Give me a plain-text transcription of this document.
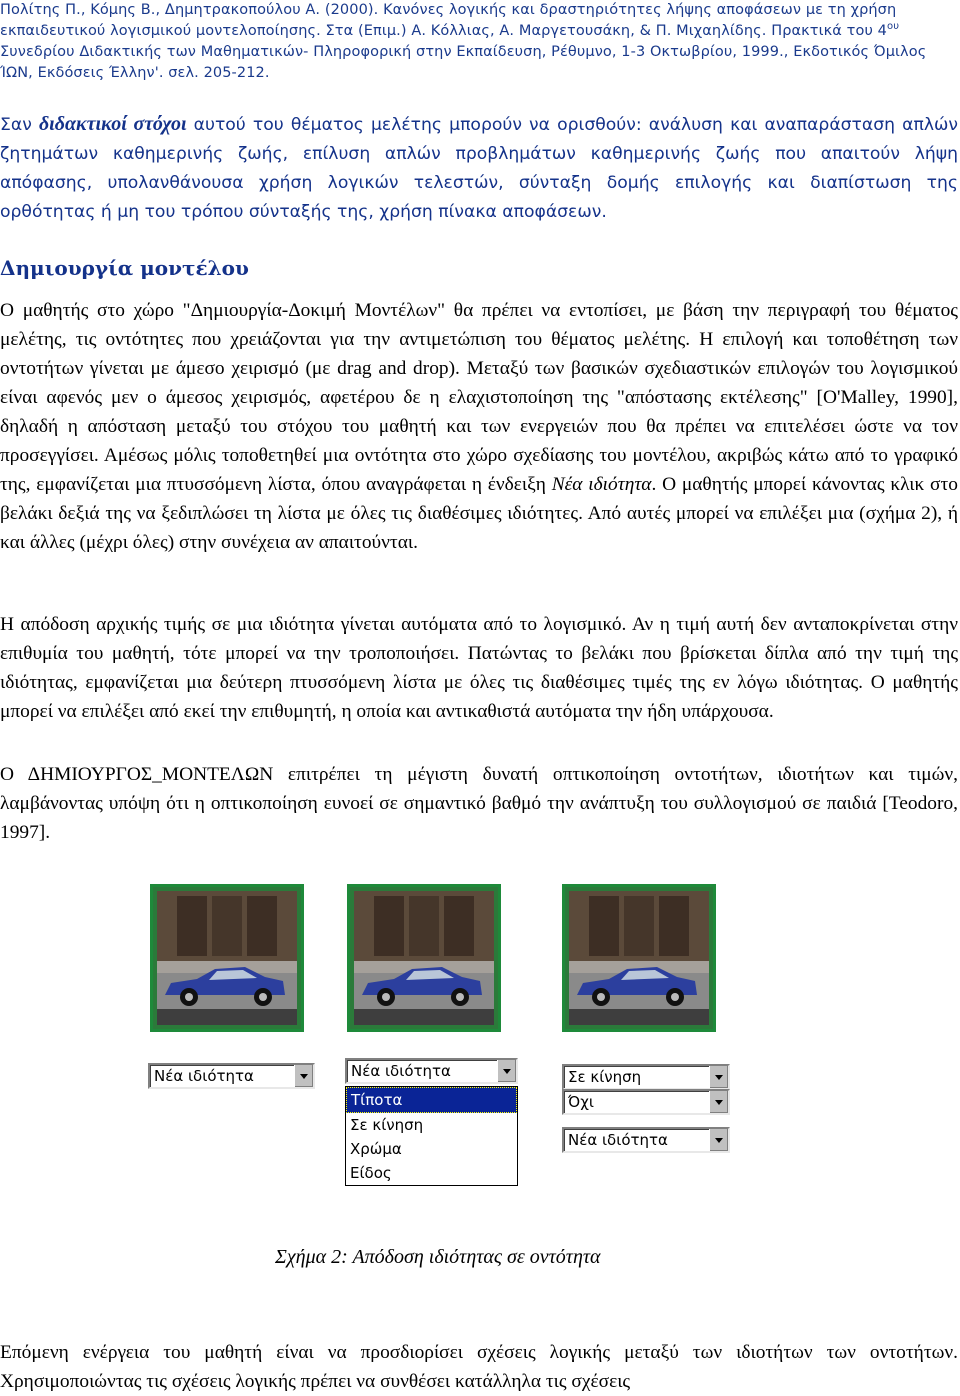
Πολίτης Π., Κόμης Β., Δημητρακοπούλου Α. (2000). Κανόνες λογικής και δραστηριότητες λήψης αποφάσεων με τη χρήση
εκπαιδευτικού λογισμικού μοντελοποίησης. Στα (Επιμ.) Α. Κόλλιας, Α. Μαργετουσάκη, & Π. Μιχαηλίδης. Πρακτικά του $4^{o\upsilon}$
Συνεδρίου Διδακτικής των Μαθηματικών- Πληροφορική στην Εκπαίδευση, Ρέθυμνο, 1-3 Οκτωβρίου, 1999., Εκδοτικός Όμιλος
ΊΩΝ, Εκδόσεις Έλλην'. σελ. 205-212.
Σαν διδακτικοί στόχοι αυτού του θέματος μελέτης μπορούν να ορισθούν: ανάλυση και αναπαράσταση απλών ζητημάτων καθημερινής ζωής, επίλυση απλών προβλημάτων καθημερινής ζωής που απαιτούν λήψη απόφασης, υπολανθάνουσα χρήση λογικών τελεστών, σύνταξη δομής επιλογής και διαπίστωση της ορθότητας ή μη του τρόπου σύνταξής της, χρήση πίνακα αποφάσεων.
Δημιουργία μοντέλου
Ο μαθητής στο χώρο "Δημιουργία-Δοκιμή Μοντέλων" θα πρέπει να εντοπίσει, με βάση την περιγραφή του θέματος μελέτης, τις οντότητες που χρειάζονται για την αντιμετώπιση του θέματος μελέτης. Η επιλογή και τοποθέτηση των οντοτήτων γίνεται με άμεσο χειρισμό (με drag and drop). Μεταξύ των βασικών σχεδιαστικών επιλογών του λογισμικού είναι αφενός μεν ο άμεσος χειρισμός, αφετέρου δε η ελαχιστοποίηση της "απόστασης εκτέλεσης" [O'Malley, 1990], δηλαδή η απόσταση μεταξύ του στόχου του μαθητή και των ενεργειών που θα πρέπει να επιτελέσει ώστε να τον προσεγγίσει. Αμέσως μόλις τοποθετηθεί μια οντότητα στο χώρο σχεδίασης του μοντέλου, ακριβώς κάτω από το γραφικό της, εμφανίζεται μια πτυσσόμενη λίστα, όπου αναγράφεται η ένδειξη Νέα ιδιότητα. Ο μαθητής μπορεί κάνοντας κλικ στο βελάκι δεξιά της να ξεδιπλώσει τη λίστα με όλες τις διαθέσιμες ιδιότητες. Από αυτές μπορεί να επιλέξει μια (σχήμα 2), ή και άλλες (μέχρι όλες) στην συνέχεια αν απαιτούνται.
Η απόδοση αρχικής τιμής σε μια ιδιότητα γίνεται αυτόματα από το λογισμικό. Αν η τιμή αυτή δεν ανταποκρίνεται στην επιθυμία του μαθητή, τότε μπορεί να την τροποποιήσει. Πατώντας το βελάκι που βρίσκεται δίπλα από την τιμή της ιδιότητας, εμφανίζεται μια δεύτερη πτυσσόμενη λίστα με όλες τις διαθέσιμες τιμές της εν λόγω ιδιότητας. Ο μαθητής μπορεί να επιλέξει από εκεί την επιθυμητή, η οποία και αντικαθιστά αυτόματα την ήδη υπάρχουσα.
Ο ΔΗΜΙΟΥΡΓΟΣ_ΜΟΝΤΕΛΩΝ επιτρέπει τη μέγιστη δυνατή οπτικοποίηση οντοτήτων, ιδιοτήτων και τιμών, λαμβάνοντας υπόψη ότι η οπτικοποίηση ευνοεί σε σημαντικό βαθμό την ανάπτυξη του συλλογισμού σε παιδιά [Teodoro, 1997].
Νέα ιδιότητα	Νέα ιδιότητα
Τίποτα
Σε κίνηση
Χρώμα
Είδος
Σε κίνηση
Όχι
Νέα ιδιότητα
Σχήμα 2: Απόδοση ιδιότητας σε οντότητα
Επόμενη ενέργεια του μαθητή είναι να προσδιορίσει σχέσεις λογικής μεταξύ των ιδιοτήτων των οντοτήτων. Χρησιμοποιώντας τις σχέσεις λογικής πρέπει να συνθέσει κατάλληλα τις σχέσεις
